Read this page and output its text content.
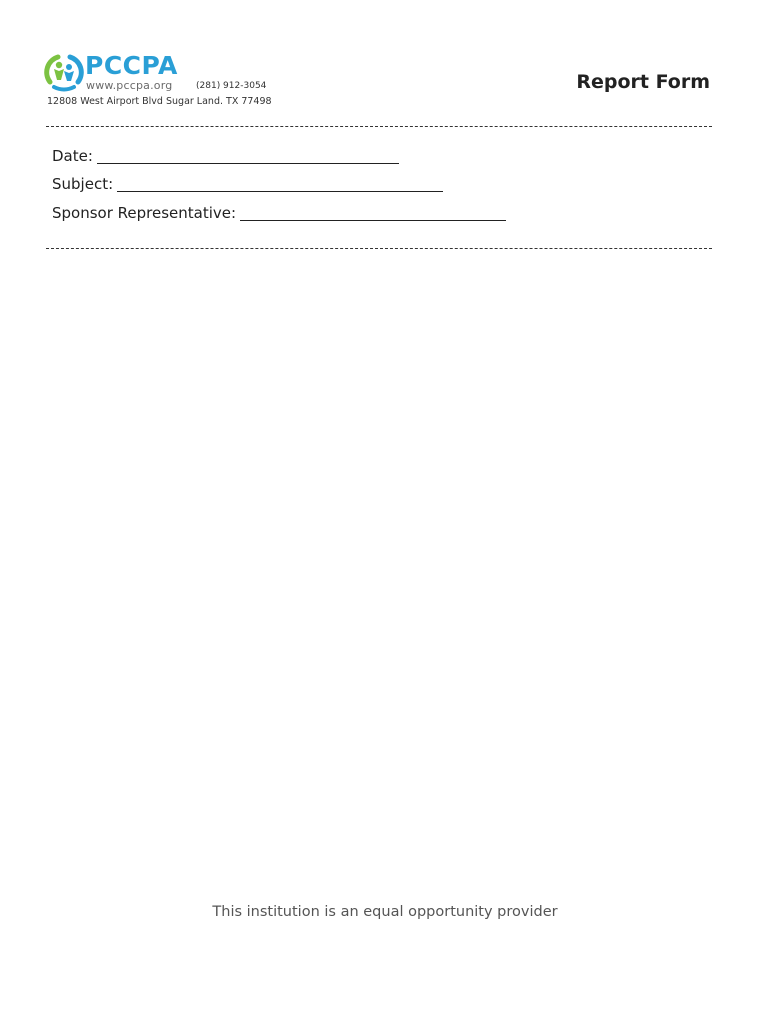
PCCPA
www.pccpa.org	(281) 912-3054
12808 West Airport Blvd Sugar Land. TX 77498
Report Form
Date:
Subject:
Sponsor Representative:
This institution is an equal opportunity provider
